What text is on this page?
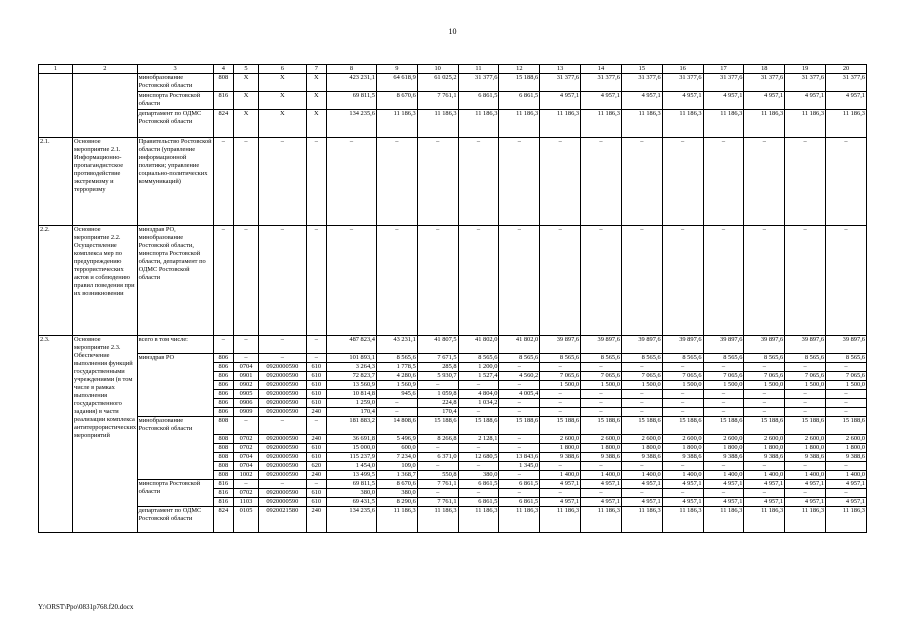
10
1	2	3	4	5	6	7	8	9	10	11	12	13	14	15	16	17	18	19	20
		минобразование Ростовской области	808	Х	Х	Х	423 231,1	64 618,9	61 025,2	31 377,6	15 188,6	31 377,6	31 377,6	31 377,6	31 377,6	31 377,6	31 377,6	31 377,6	31 377,6
		минспорта Ростовской области	816	Х	Х	Х	69 811,5	8 670,6	7 761,1	6 861,5	6 861,5	4 957,1	4 957,1	4 957,1	4 957,1	4 957,1	4 957,1	4 957,1	4 957,1
		департамент по ОДМС Ростовской области	824	Х	Х	Х	134 235,6	11 186,3	11 186,3	11 186,3	11 186,3	11 186,3	11 186,3	11 186,3	11 186,3	11 186,3	11 186,3	11 186,3	11 186,3
2.1.	Основное мероприятие 2.1. Информационно-пропагандистское противодействие экстремизму и терроризму	Правительство Ростовской области (управление информационной политики; управление социально-политических коммуникаций)	–	–	–	–	–	–	–	–	–	–	–	–	–	–	–	–	–
2.2.	Основное мероприятие 2.2. Осуществление комплекса мер по предупреждению террористических актов и соблюдению правил поведения при их возникновении	минздрав РО, минобразование Ростовской области, минспорта Ростовской области, департамент по ОДМС Ростовской области	–	–	–	–	–	–	–	–	–	–	–	–	–	–	–	–	–
2.3.	Основное мероприятие 2.3. Обеспечение выполнения функций государственными учреждениями (в том числе в рамках выполнения государственного задания) в части реализации комплекса антитеррористических мероприятий	всего в том числе:	–	–	–	–	487 823,4	43 231,1	41 807,5	41 802,0	41 802,0	39 897,6	39 897,6	39 897,6	39 897,6	39 897,6	39 897,6	39 897,6	39 897,6
		минздрав РО	806	–	–	–	101 893,1	8 565,6	7 671,5	8 565,6	8 565,6	8 565,6	8 565,6	8 565,6	8 565,6	8 565,6	8 565,6	8 565,6	8 565,6
			806	0704	0920000590	610	3 264,3	1 778,5	285,8	1 200,0	–	–	–	–	–	–	–	–	–
			806	0901	0920000590	610	72 823,7	4 280,6	5 930,7	1 527,4	4 560,2	7 065,6	7 065,6	7 065,6	7 065,6	7 065,6	7 065,6	7 065,6	7 065,6
			806	0902	0920000590	610	13 560,9	1 560,9	–	–	–	1 500,0	1 500,0	1 500,0	1 500,0	1 500,0	1 500,0	1 500,0	1 500,0
			806	0905	0920000590	610	10 814,8	945,6	1 059,8	4 804,0	4 005,4	–	–	–	–	–	–	–	–
			806	0906	0920000590	610	1 259,0	–	224,8	1 034,2	–	–	–	–	–	–	–	–	–
			806	0909	0920000590	240	170,4	–	170,4	–	–	–	–	–	–	–	–	–	–
		минобразование Ростовской области	808	–	–	–	181 883,2	14 808,6	15 188,6	15 188,6	15 188,6	15 188,6	15 188,6	15 188,6	15 188,6	15 188,6	15 188,6	15 188,6	15 188,6
			808	0702	0920000590	240	36 691,8	5 496,9	8 266,8	2 128,1	–	2 600,0	2 600,0	2 600,0	2 600,0	2 600,0	2 600,0	2 600,0	2 600,0
			808	0702	0920000590	610	15 000,0	600,0	–	–	–	1 800,0	1 800,0	1 800,0	1 800,0	1 800,0	1 800,0	1 800,0	1 800,0
			808	0704	0920000590	610	115 237,9	7 234,0	6 371,0	12 680,5	13 843,6	9 388,6	9 388,6	9 388,6	9 388,6	9 388,6	9 388,6	9 388,6	9 388,6
			808	0704	0920000590	620	1 454,0	109,0	–	–	1 345,0	–	–	–	–	–	–	–	–
			808	1002	0920000590	240	13 499,5	1 368,7	550,8	380,0	–	1 400,0	1 400,0	1 400,0	1 400,0	1 400,0	1 400,0	1 400,0	1 400,0
		минспорта Ростовской области	816	–	–	–	69 811,5	8 670,6	7 761,1	6 861,5	6 861,5	4 957,1	4 957,1	4 957,1	4 957,1	4 957,1	4 957,1	4 957,1	4 957,1
			816	0702	0920000590	610	380,0	380,0	–	–	–	–	–	–	–	–	–	–	–
			816	1103	0920000590	610	69 431,5	8 290,6	7 761,1	6 861,5	6 861,5	4 957,1	4 957,1	4 957,1	4 957,1	4 957,1	4 957,1	4 957,1	4 957,1
		департамент по ОДМС Ростовской области	824	0105	0920021580	240	134 235,6	11 186,3	11 186,3	11 186,3	11 186,3	11 186,3	11 186,3	11 186,3	11 186,3	11 186,3	11 186,3	11 186,3	11 186,3
Y:\ORST\Ppo\0831p768.f20.docx
